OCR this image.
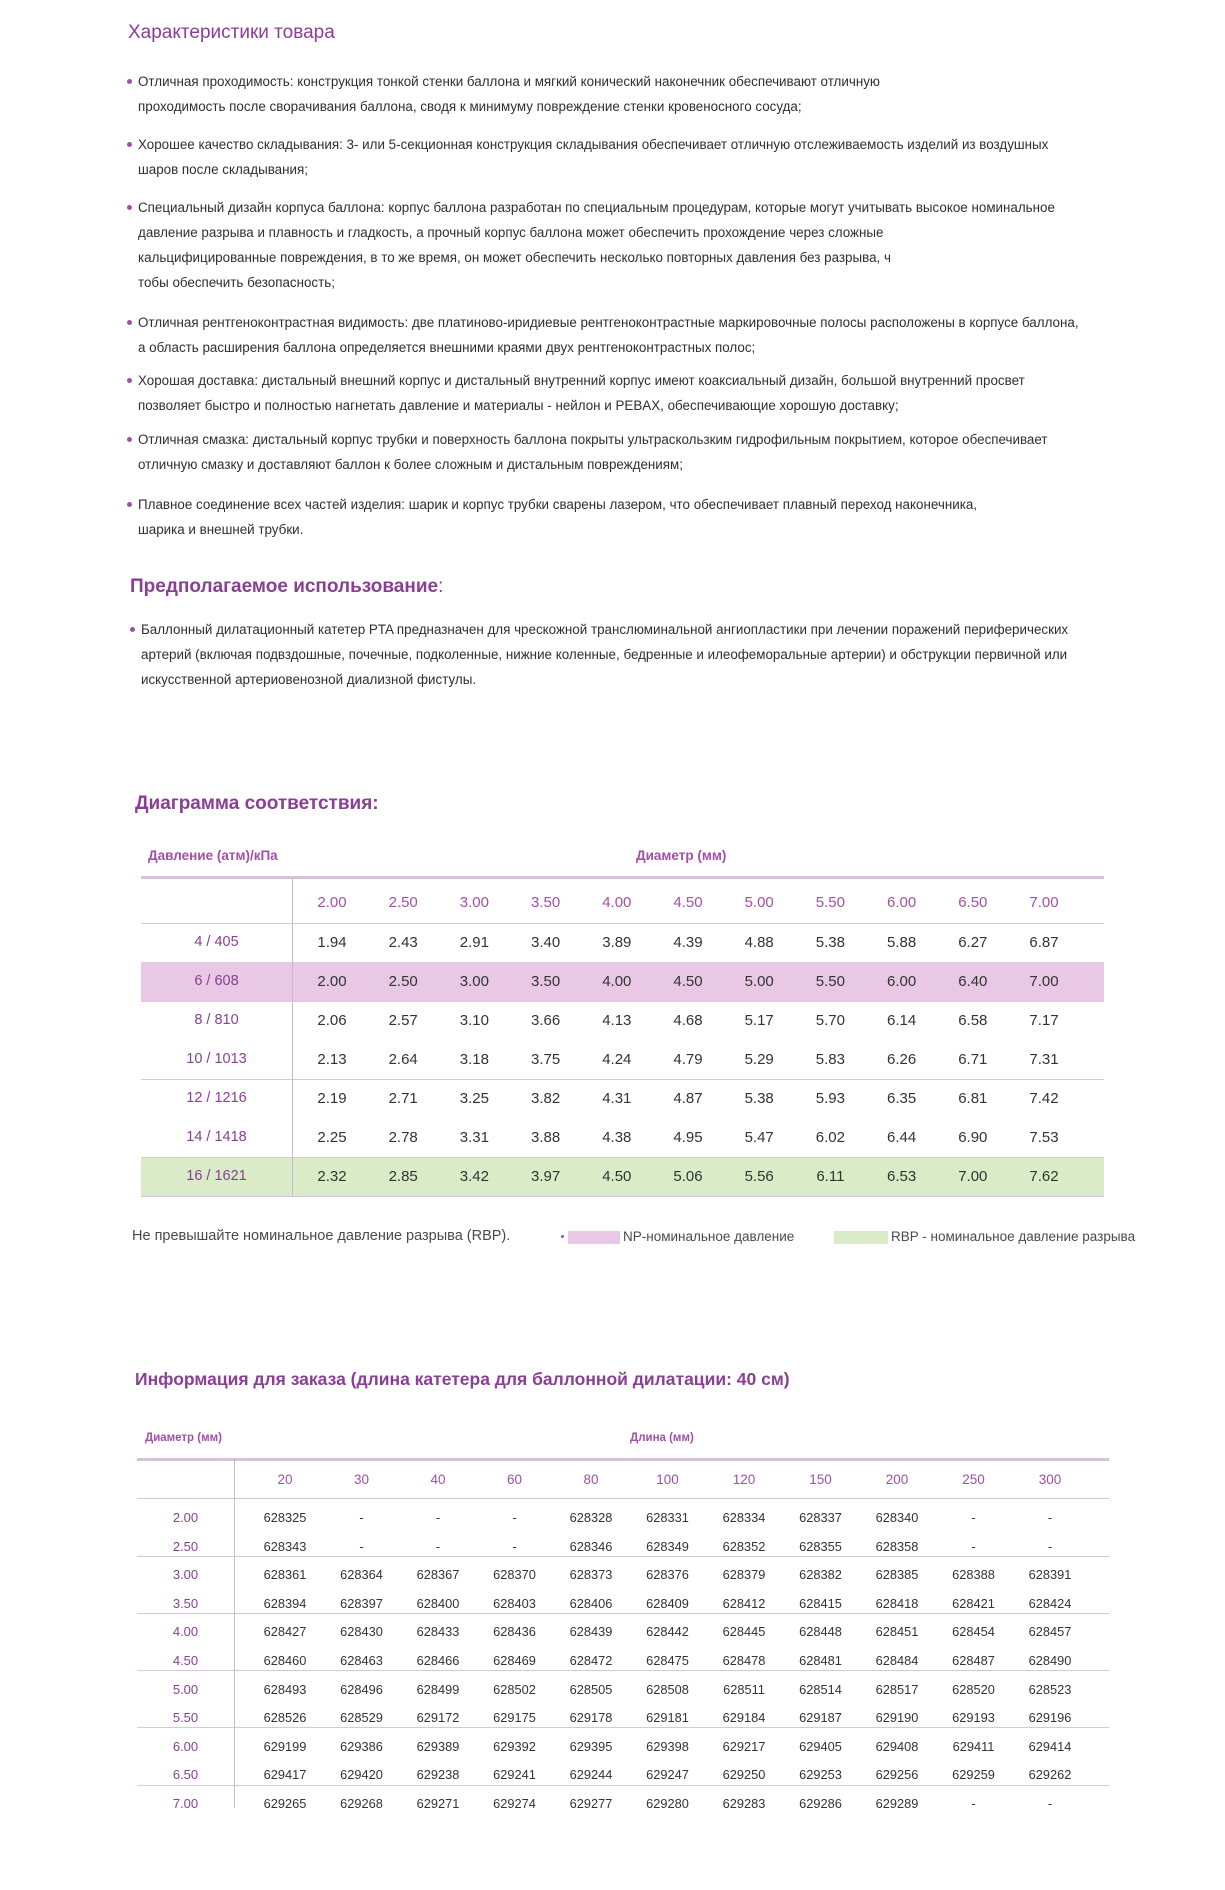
Характеристики товара
Отличная проходимость: конструкция тонкой стенки баллона и мягкий конический наконечник обеспечивают отличную
проходимость после сворачивания баллона, сводя к минимуму повреждение стенки кровеносного сосуда;
Хорошее качество складывания: 3- или 5-секционная конструкция складывания обеспечивает отличную отслеживаемость изделий из воздушных
шаров после складывания;
Специальный дизайн корпуса баллона: корпус баллона разработан по специальным процедурам, которые могут учитывать высокое номинальное
давление разрыва и плавность и гладкость, а прочный корпус баллона может обеспечить прохождение через сложные
кальцифицированные повреждения, в то же время, он может обеспечить несколько повторных давления без разрыва, ч
тобы обеспечить безопасность;
Отличная рентгеноконтрастная видимость: две платиново-иридиевые рентгеноконтрастные маркировочные полосы расположены в корпусе баллона,
а область расширения баллона определяется внешними краями двух рентгеноконтрастных полос;
Хорошая доставка: дистальный внешний корпус и дистальный внутренний корпус имеют коаксиальный дизайн, большой внутренний просвет
позволяет быстро и полностью нагнетать давление и материалы - нейлон и PEBAX, обеспечивающие хорошую доставку;
Отличная смазка: дистальный корпус трубки и поверхность баллона покрыты ультраскользким гидрофильным покрытием, которое обеспечивает
отличную смазку и доставляют баллон к более сложным и дистальным повреждениям;
Плавное соединение всех частей изделия: шарик и корпус трубки сварены лазером, что обеспечивает плавный переход наконечника,
шарика и внешней трубки.
Предполагаемое использование:
Баллонный дилатационный катетер PTA предназначен для чрескожной транслюминальной ангиопластики при лечении поражений периферических
артерий (включая подвздошные, почечные, подколенные, нижние коленные, бедренные и илеофеморальные артерии) и обструкции первичной или
искусственной артериовенозной диализной фистулы.
Диаграмма соответствия:
Давление (атм)/кПа	Диаметр (мм)
2.00	2.50	3.00	3.50	4.00	4.50	5.00	5.50	6.00	6.50	7.00
4 / 405	1.94	2.43	2.91	3.40	3.89	4.39	4.88	5.38	5.88	6.27	6.87
6 / 608	2.00	2.50	3.00	3.50	4.00	4.50	5.00	5.50	6.00	6.40	7.00
8 / 810	2.06	2.57	3.10	3.66	4.13	4.68	5.17	5.70	6.14	6.58	7.17
10 / 1013	2.13	2.64	3.18	3.75	4.24	4.79	5.29	5.83	6.26	6.71	7.31
12 / 1216	2.19	2.71	3.25	3.82	4.31	4.87	5.38	5.93	6.35	6.81	7.42
14 / 1418	2.25	2.78	3.31	3.88	4.38	4.95	5.47	6.02	6.44	6.90	7.53
16 / 1621	2.32	2.85	3.42	3.97	4.50	5.06	5.56	6.11	6.53	7.00	7.62
Не превышайте номинальное давление разрыва (RBP).	NP-номинальное давление	RBP - номинальное давление разрыва
Информация для заказа (длина катетера для баллонной дилатации: 40 см)
Диаметр (мм)	Длина (мм)
20	30	40	60	80	100	120	150	200	250	300
2.00	628325	-	-	-	628328	628331	628334	628337	628340	-	-
2.50	628343	-	-	-	628346	628349	628352	628355	628358	-	-
3.00	628361	628364	628367	628370	628373	628376	628379	628382	628385	628388	628391
3.50	628394	628397	628400	628403	628406	628409	628412	628415	628418	628421	628424
4.00	628427	628430	628433	628436	628439	628442	628445	628448	628451	628454	628457
4.50	628460	628463	628466	628469	628472	628475	628478	628481	628484	628487	628490
5.00	628493	628496	628499	628502	628505	628508	628511	628514	628517	628520	628523
5.50	628526	628529	629172	629175	629178	629181	629184	629187	629190	629193	629196
6.00	629199	629386	629389	629392	629395	629398	629217	629405	629408	629411	629414
6.50	629417	629420	629238	629241	629244	629247	629250	629253	629256	629259	629262
7.00	629265	629268	629271	629274	629277	629280	629283	629286	629289	-	-
